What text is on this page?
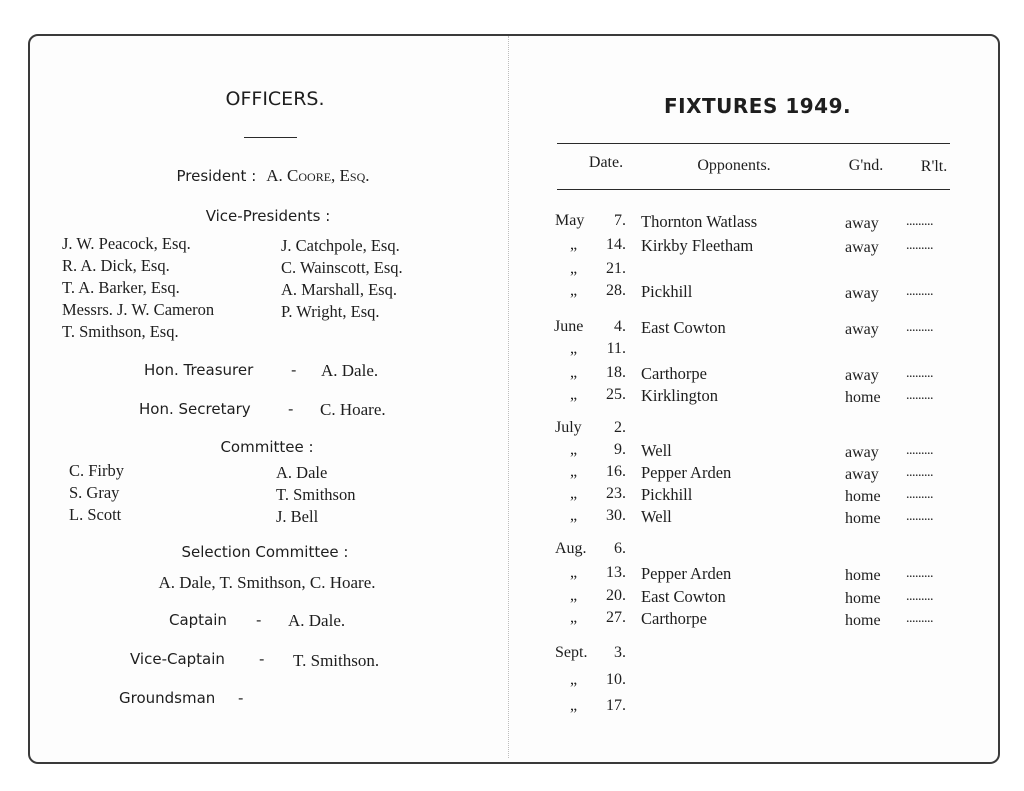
OFFICERS.
President : A. Coore, Esq.
Vice-Presidents :
J. W. Peacock, Esq.
R. A. Dick, Esq.
T. A. Barker, Esq.
Messrs. J. W. Cameron
T. Smithson, Esq.
J. Catchpole, Esq.
C. Wainscott, Esq.
A. Marshall, Esq.
P. Wright, Esq.
Hon. Treasurer	- A. Dale.
Hon. Secretary - C. Hoare.
Committee :
C. Firby
S. Gray
L. Scott
A. Dale
T. Smithson
J. Bell
Selection Committee :
A. Dale, T. Smithson, C. Hoare.
Captain - A. Dale.
Vice-Captain - T. Smithson.
Groundsman -
FIXTURES 1949.
Date.	Opponents.	G'nd. R'lt.
May 7. Thornton Watlass	away .........
„ 14. Kirkby Fleetham	away .........
„ 21.
„ 28. Pickhill	away .........
June 4. East Cowton	away .........
„ 11.
„ 18. Carthorpe	away .........
„ 25. Kirklington	home .........
July 2.
„ 9. Well	away .........
„ 16. Pepper Arden	away .........
„ 23. Pickhill	home .........
„ 30. Well	home .........
Aug. 6.
„ 13. Pepper Arden	home .........
„ 20. East Cowton	home .........
„ 27. Carthorpe	home .........
Sept. 3.
„ 10.
„ 17.
